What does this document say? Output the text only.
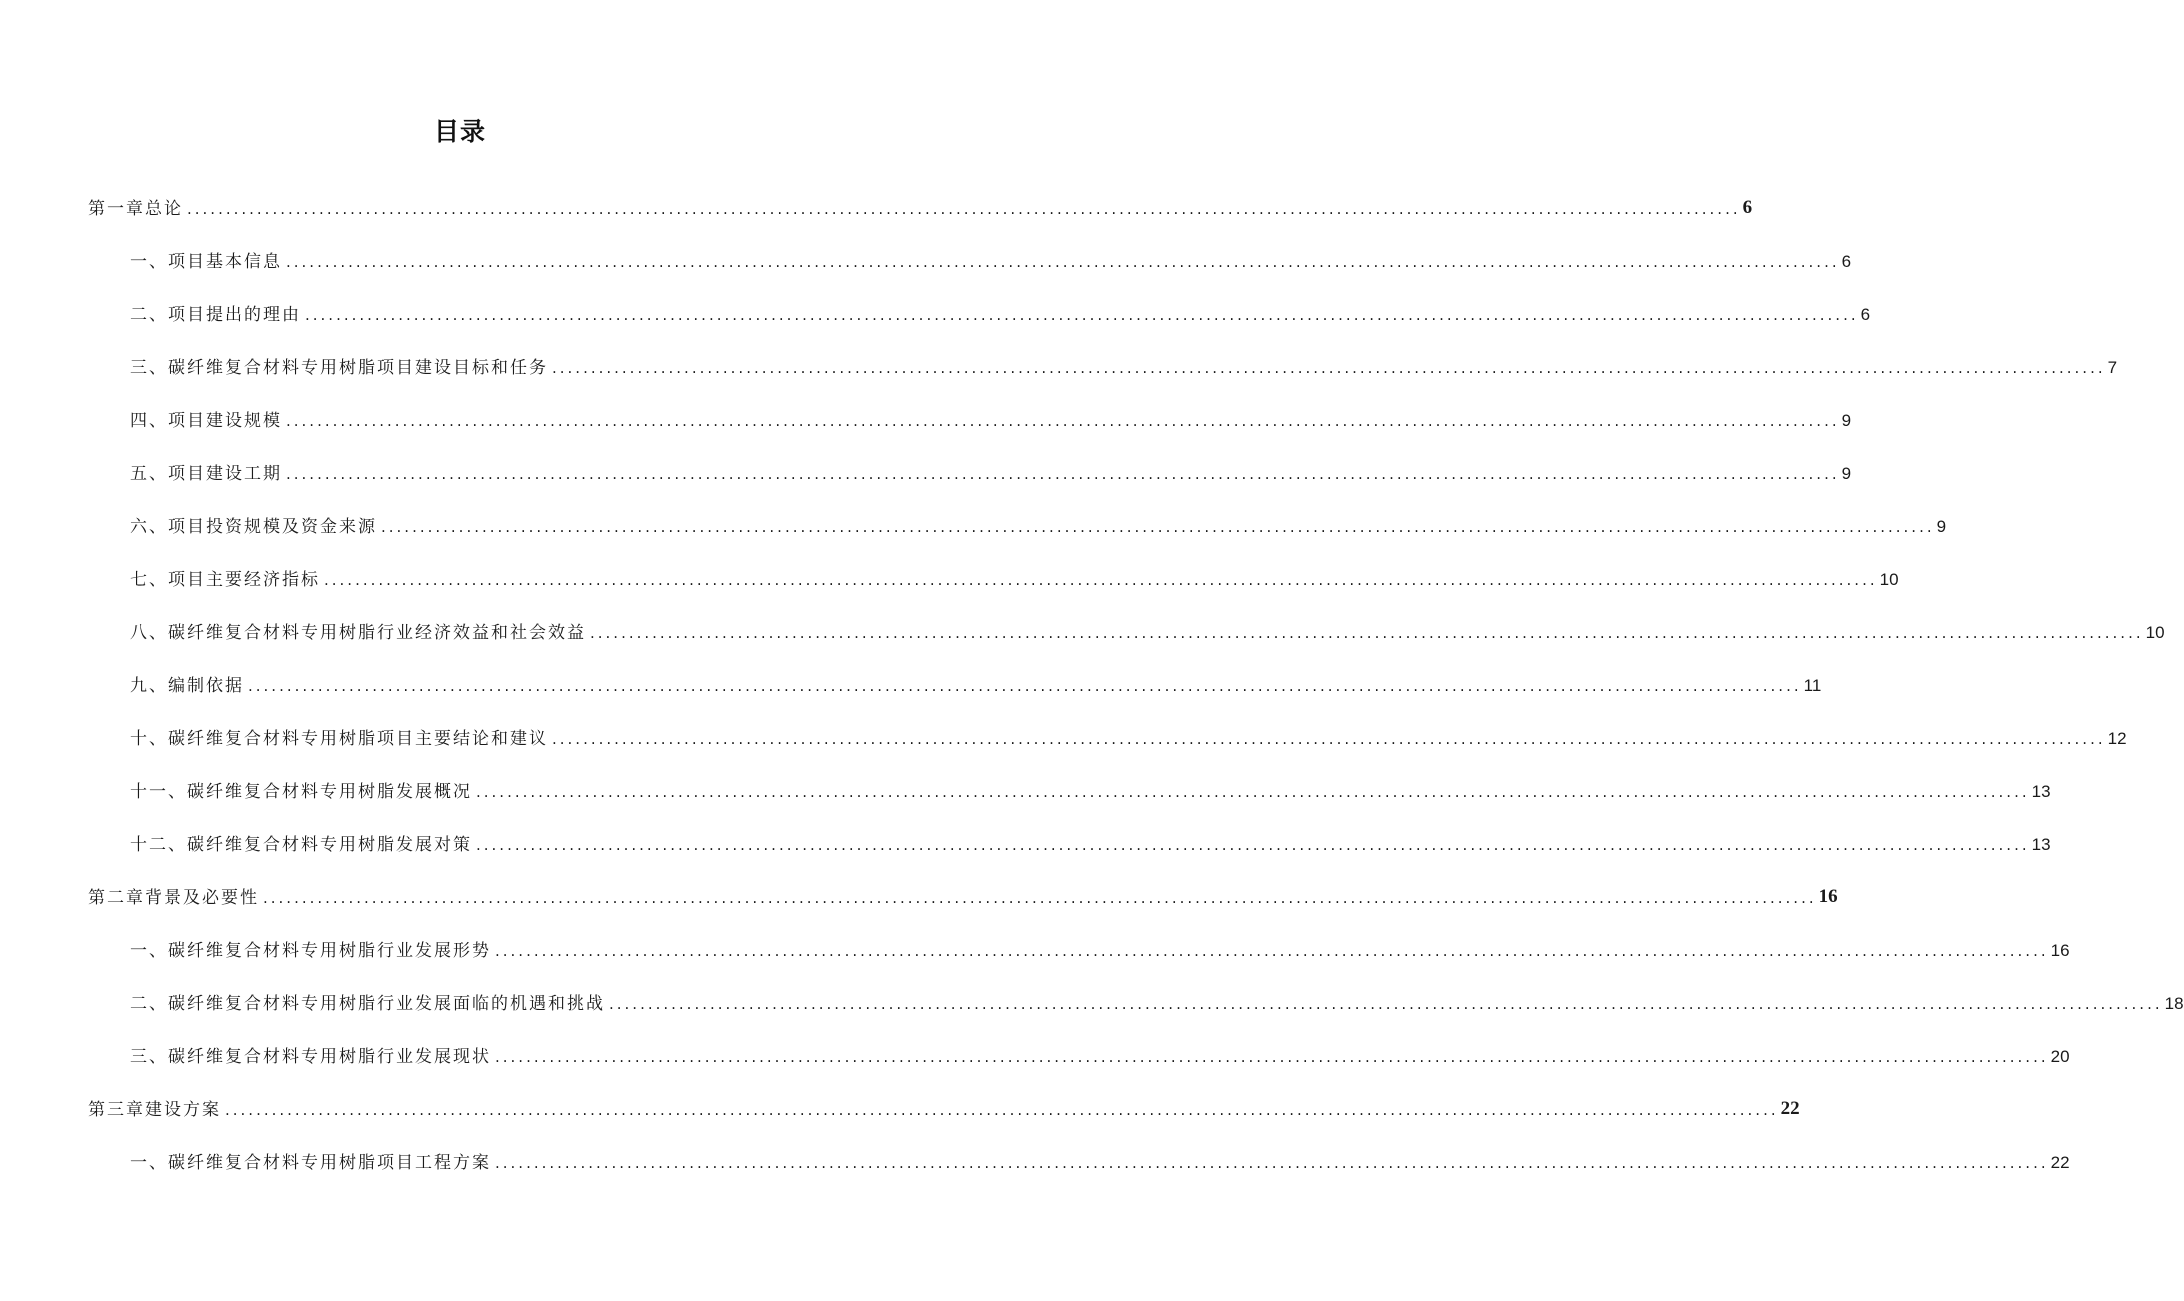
目录
第一章总论 ........................................................................................................................................................................................................ 6
一、项目基本信息 ........................................................................................................................................................................................................ 6
二、项目提出的理由 ........................................................................................................................................................................................................ 6
三、碳纤维复合材料专用树脂项目建设目标和任务 ........................................................................................................................................................................................................ 7
四、项目建设规模 ........................................................................................................................................................................................................ 9
五、项目建设工期 ........................................................................................................................................................................................................ 9
六、项目投资规模及资金来源 ........................................................................................................................................................................................................ 9
七、项目主要经济指标 ........................................................................................................................................................................................................ 10
八、碳纤维复合材料专用树脂行业经济效益和社会效益 ........................................................................................................................................................................................................ 10
九、编制依据 ........................................................................................................................................................................................................ 11
十、碳纤维复合材料专用树脂项目主要结论和建议 ........................................................................................................................................................................................................ 12
十一、碳纤维复合材料专用树脂发展概况 ........................................................................................................................................................................................................ 13
十二、碳纤维复合材料专用树脂发展对策 ........................................................................................................................................................................................................ 13
第二章背景及必要性 ........................................................................................................................................................................................................ 16
一、碳纤维复合材料专用树脂行业发展形势 ........................................................................................................................................................................................................ 16
二、碳纤维复合材料专用树脂行业发展面临的机遇和挑战 ........................................................................................................................................................................................................ 18
三、碳纤维复合材料专用树脂行业发展现状 ........................................................................................................................................................................................................ 20
第三章建设方案 ........................................................................................................................................................................................................ 22
一、碳纤维复合材料专用树脂项目工程方案 ........................................................................................................................................................................................................ 22
